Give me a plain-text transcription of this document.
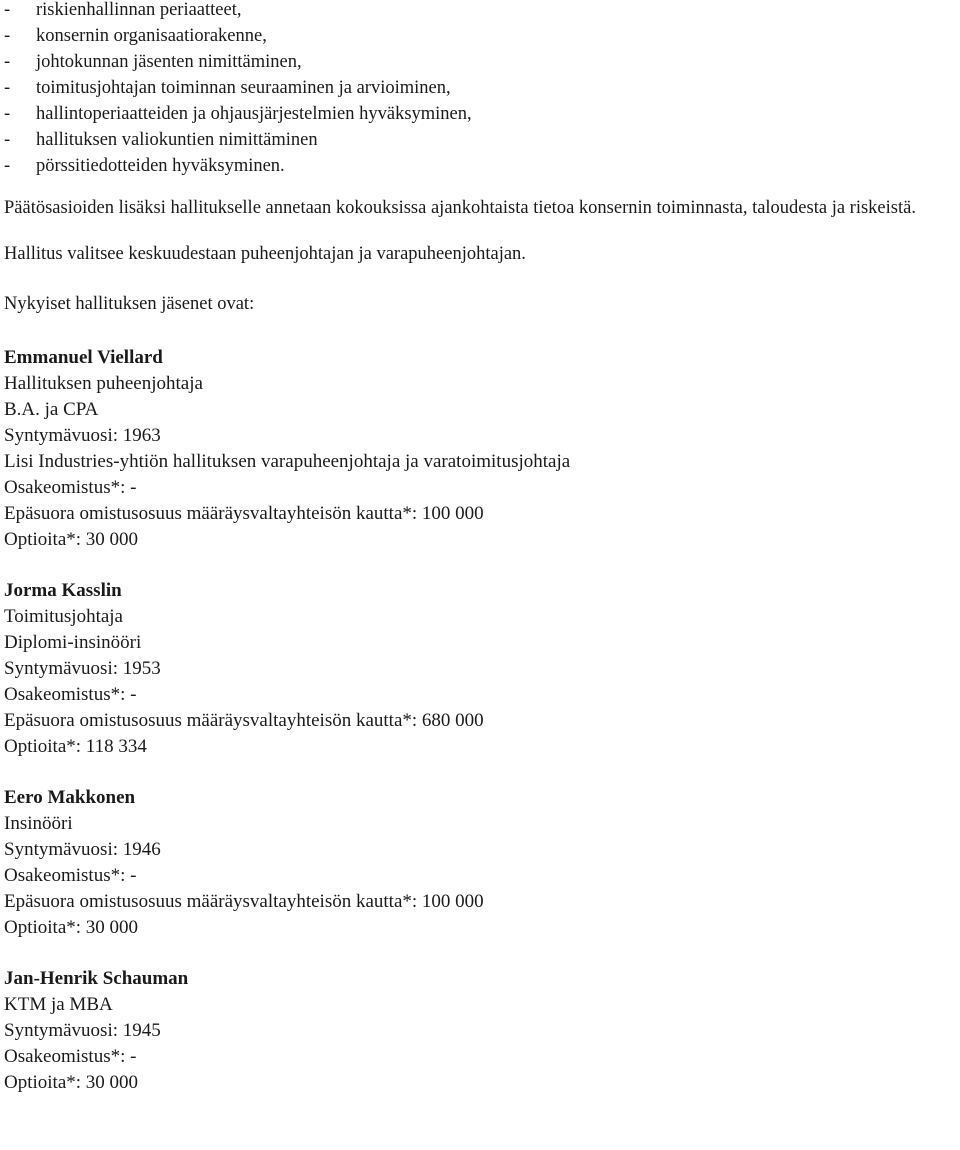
- riskienhallinnan periaatteet,
- konsernin organisaatiorakenne,
- johtokunnan jäsenten nimittäminen,
- toimitusjohtajan toiminnan seuraaminen ja arvioiminen,
- hallintoperiaatteiden ja ohjausjärjestelmien hyväksyminen,
- hallituksen valiokuntien nimittäminen
- pörssitiedotteiden hyväksyminen.

Päätösasioiden lisäksi hallitukselle annetaan kokouksissa ajankohtaista tietoa konsernin toiminnasta, taloudesta ja riskeistä.

Hallitus valitsee keskuudestaan puheenjohtajan ja varapuheenjohtajan.

Nykyiset hallituksen jäsenet ovat:

Emmanuel Viellard
Hallituksen puheenjohtaja
B.A. ja CPA
Syntymävuosi: 1963
Lisi Industries-yhtiön hallituksen varapuheenjohtaja ja varatoimitusjohtaja
Osakeomistus*: -
Epäsuora omistusosuus määräysvaltayhteisön kautta*: 100 000
Optioita*: 30 000
Jorma Kasslin
Toimitusjohtaja
Diplomi-insinööri
Syntymävuosi: 1953
Osakeomistus*: -
Epäsuora omistusosuus määräysvaltayhteisön kautta*: 680 000
Optioita*: 118 334
Eero Makkonen
Insinööri
Syntymävuosi: 1946
Osakeomistus*: -
Epäsuora omistusosuus määräysvaltayhteisön kautta*: 100 000
Optioita*: 30 000
Jan-Henrik Schauman
KTM ja MBA
Syntymävuosi: 1945
Osakeomistus*: -
Optioita*: 30 000
